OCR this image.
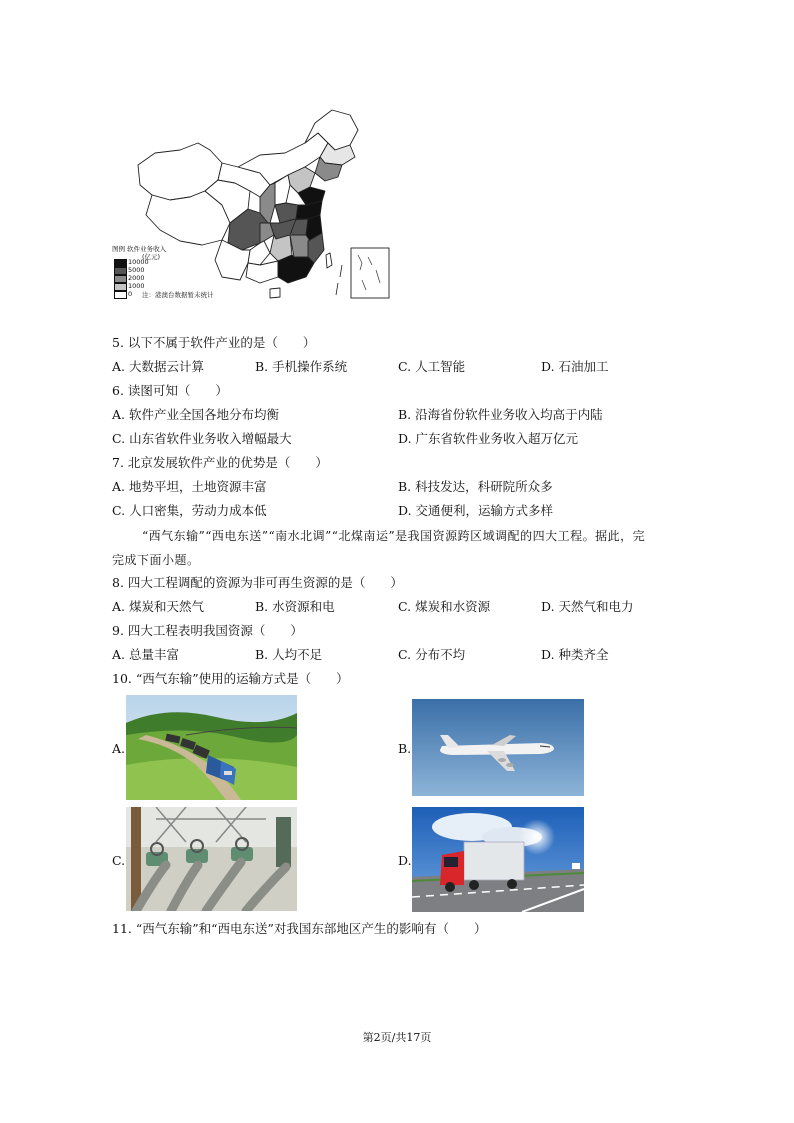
图例 软件业务收入
(亿元)
10000
5000
2000
1000
0 注：港澳台数据暂未统计
5. 以下不属于软件产业的是（　　）
A. 大数据云计算	B. 手机操作系统	C. 人工智能	D. 石油加工
6. 读图可知（　　）
A. 软件产业全国各地分布均衡	B. 沿海省份软件业务收入均高于内陆
C. 山东省软件业务收入增幅最大	D. 广东省软件业务收入超万亿元
7. 北京发展软件产业的优势是（　　）
A. 地势平坦，土地资源丰富	B. 科技发达，科研院所众多
C. 人口密集，劳动力成本低	D. 交通便利，运输方式多样
“西气东输”“西电东送”“南水北调”“北煤南运”是我国资源跨区域调配的四大工程。据此，完
完成下面小题。
8. 四大工程调配的资源为非可再生资源的是（　　）
A. 煤炭和天然气	B. 水资源和电	C. 煤炭和水资源	D. 天然气和电力
9. 四大工程表明我国资源（　　）
A. 总量丰富	B. 人均不足	C. 分布不均	D. 种类齐全
10. “西气东输”使用的运输方式是（　　）
A.	B.
C.	D.
11. “西气东输”和“西电东送”对我国东部地区产生的影响有（　　）
第2页/共17页
